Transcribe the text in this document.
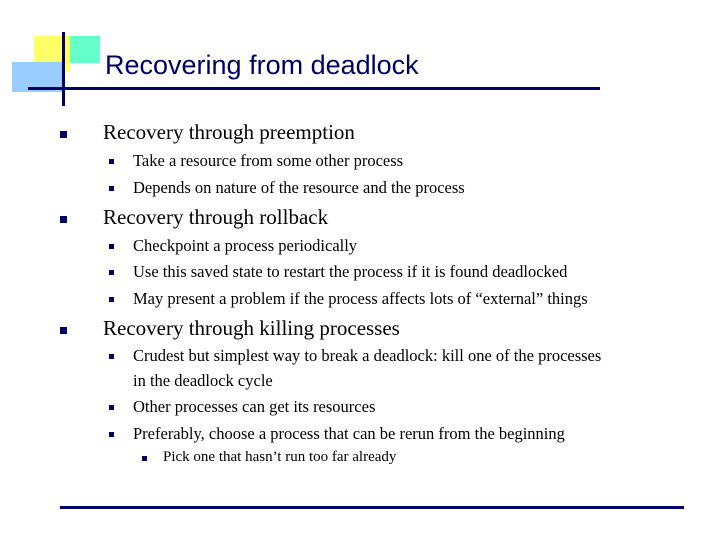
Recovering from deadlock
Recovery through preemption
Take a resource from some other process
Depends on nature of the resource and the process
Recovery through rollback
Checkpoint a process periodically
Use this saved state to restart the process if it is found deadlocked
May present a problem if the process affects lots of “external” things
Recovery through killing processes
Crudest but simplest way to break a deadlock: kill one of the processes
in the deadlock cycle
Other processes can get its resources
Preferably, choose a process that can be rerun from the beginning
Pick one that hasn’t run too far already
